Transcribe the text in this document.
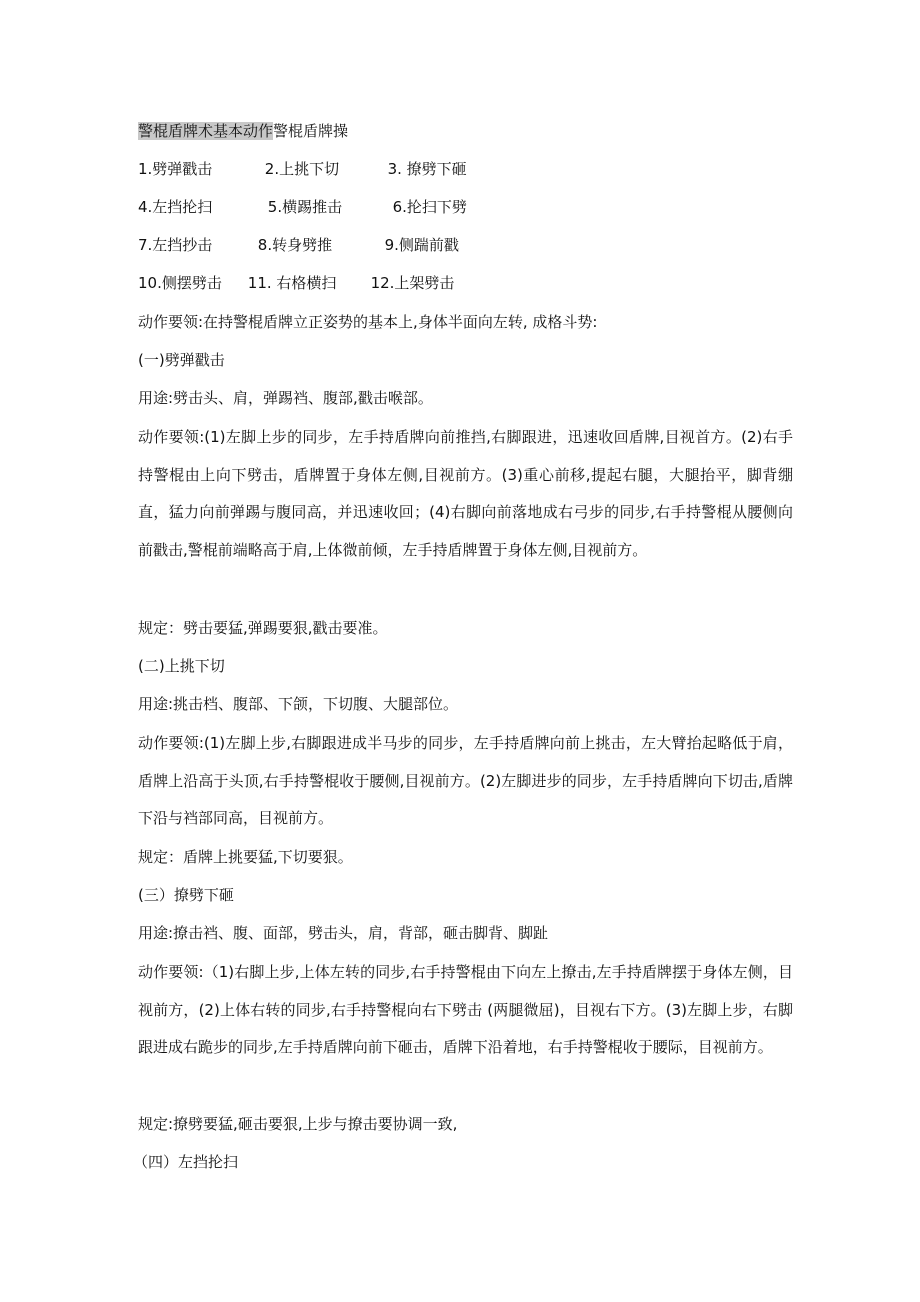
警棍盾牌术基本动作警棍盾牌操
1.劈弹戳击	2.上挑下切	3. 撩劈下砸
4.左挡抡扫	5.横踢推击	6.抡扫下劈
7.左挡抄击	8.转身劈推	9.侧踹前戳
10.侧摆劈击 11. 右格横扫 12.上架劈击
动作要领:在持警棍盾牌立正姿势的基本上,身体半面向左转, 成格斗势:
(一)劈弹戳击
用途:劈击头、肩，弹踢裆、腹部,戳击喉部。
动作要领:(1)左脚上步的同步，左手持盾牌向前推挡,右脚跟进，迅速收回盾牌,目视首方。(2)右手持警棍由上向下劈击，盾牌置于身体左侧,目视前方。(3)重心前移,提起右腿，大腿抬平，脚背绷直，猛力向前弹踢与腹同高，并迅速收回；(4)右脚向前落地成右弓步的同步,右手持警棍从腰侧向前戳击,警棍前端略高于肩,上体微前倾，左手持盾牌置于身体左侧,目视前方。
规定：劈击要猛,弹踢要狠,戳击要准。
(二)上挑下切
用途:挑击档、腹部、下颌，下切腹、大腿部位。
动作要领:(1)左脚上步,右脚跟进成半马步的同步，左手持盾牌向前上挑击，左大臂抬起略低于肩，盾牌上沿高于头顶,右手持警棍收于腰侧,目视前方。(2)左脚进步的同步，左手持盾牌向下切击,盾牌下沿与裆部同高，目视前方。
规定：盾牌上挑要猛,下切要狠。
(三）撩劈下砸
用途:撩击裆、腹、面部，劈击头，肩，背部，砸击脚背、脚趾
动作要领:（1)右脚上步,上体左转的同步,右手持警棍由下向左上撩击,左手持盾牌摆于身体左侧，目视前方，(2)上体右转的同步,右手持警棍向右下劈击 (两腿微屈)，目视右下方。(3)左脚上步，右脚跟进成右跪步的同步,左手持盾牌向前下砸击，盾牌下沿着地，右手持警棍收于腰际，目视前方。
规定:撩劈要猛,砸击要狠,上步与撩击要协调一致,
（四）左挡抡扫
